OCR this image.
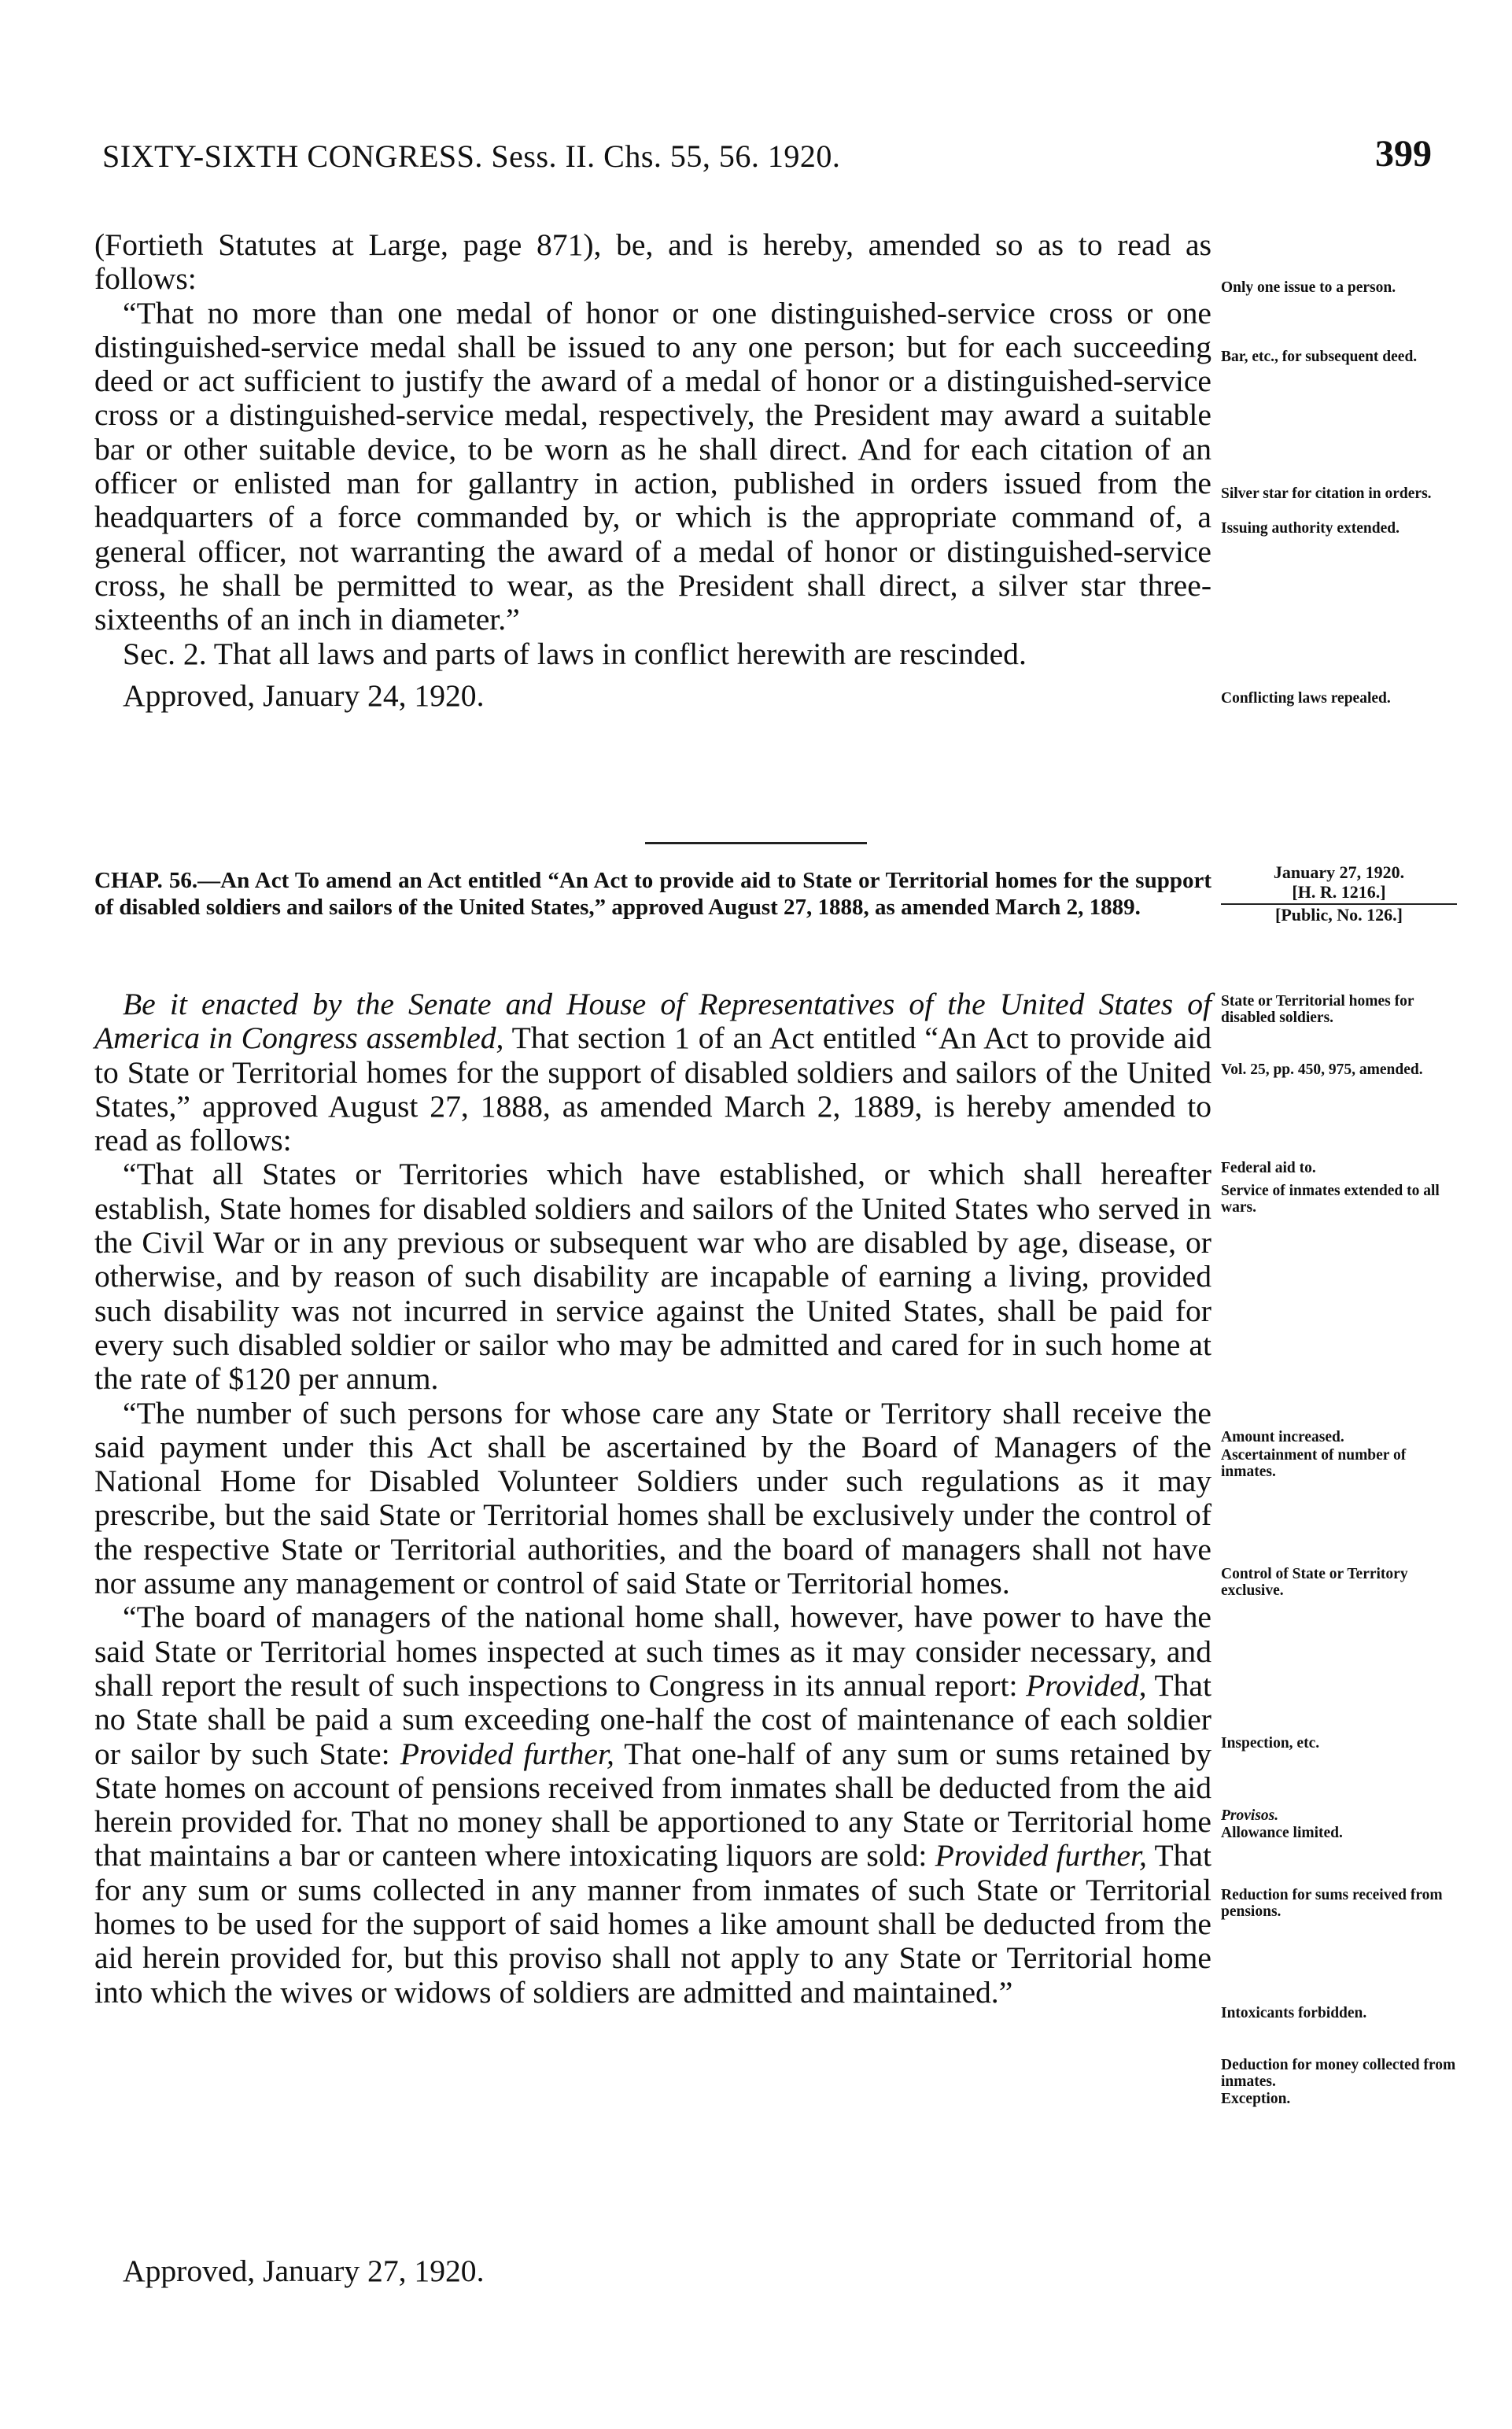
SIXTY-SIXTH CONGRESS. Sess. II. Chs. 55, 56. 1920.	399

(Fortieth Statutes at Large, page 871), be, and is hereby, amended so as to read as follows:

“That no more than one medal of honor or one distinguished-service cross or one distinguished-service medal shall be issued to any one person; but for each succeeding deed or act sufficient to justify the award of a medal of honor or a distinguished-service cross or a distinguished-service medal, respectively, the President may award a suitable bar or other suitable device, to be worn as he shall direct. And for each citation of an officer or enlisted man for gallantry in action, published in orders issued from the headquarters of a force commanded by, or which is the appropriate command of, a general officer, not warranting the award of a medal of honor or distinguished-service cross, he shall be permitted to wear, as the President shall direct, a silver star three-sixteenths of an inch in diameter.”

Sec. 2. That all laws and parts of laws in conflict herewith are rescinded.

Approved, January 24, 1920.

CHAP. 56.—An Act To amend an Act entitled “An Act to provide aid to State or Territorial homes for the support of disabled soldiers and sailors of the United States,” approved August 27, 1888, as amended March 2, 1889.
January 27, 1920.
[H. R. 1216.]
[Public, No. 126.]

Be it enacted by the Senate and House of Representatives of the United States of America in Congress assembled, That section 1 of an Act entitled “An Act to provide aid to State or Territorial homes for the support of disabled soldiers and sailors of the United States,” approved August 27, 1888, as amended March 2, 1889, is hereby amended to read as follows:

“That all States or Territories which have established, or which shall hereafter establish, State homes for disabled soldiers and sailors of the United States who served in the Civil War or in any previous or subsequent war who are disabled by age, disease, or otherwise, and by reason of such disability are incapable of earning a living, provided such disability was not incurred in service against the United States, shall be paid for every such disabled soldier or sailor who may be admitted and cared for in such home at the rate of $120 per annum.

“The number of such persons for whose care any State or Territory shall receive the said payment under this Act shall be ascertained by the Board of Managers of the National Home for Disabled Volunteer Soldiers under such regulations as it may prescribe, but the said State or Territorial homes shall be exclusively under the control of the respective State or Territorial authorities, and the board of managers shall not have nor assume any management or control of said State or Territorial homes.

“The board of managers of the national home shall, however, have power to have the said State or Territorial homes inspected at such times as it may consider necessary, and shall report the result of such inspections to Congress in its annual report: Provided, That no State shall be paid a sum exceeding one-half the cost of maintenance of each soldier or sailor by such State: Provided further, That one-half of any sum or sums retained by State homes on account of pensions received from inmates shall be deducted from the aid herein provided for. That no money shall be apportioned to any State or Territorial home that maintains a bar or canteen where intoxicating liquors are sold: Provided further, That for any sum or sums collected in any manner from inmates of such State or Territorial homes to be used for the support of said homes a like amount shall be deducted from the aid herein provided for, but this proviso shall not apply to any State or Territorial home into which the wives or widows of soldiers are admitted and maintained.”

Approved, January 27, 1920.

Only one issue to a person.
Bar, etc., for subsequent deed.
Silver star for citation in orders.
Issuing authority extended.
Conflicting laws repealed.
State or Territorial homes for disabled soldiers.
Vol. 25, pp. 450, 975, amended.
Federal aid to.
Service of inmates extended to all wars.
Amount increased.
Ascertainment of number of inmates.
Control of State or Territory exclusive.
Inspection, etc.
Provisos.
Allowance limited.
Reduction for sums received from pensions.
Intoxicants forbidden.
Deduction for money collected from inmates.
Exception.
